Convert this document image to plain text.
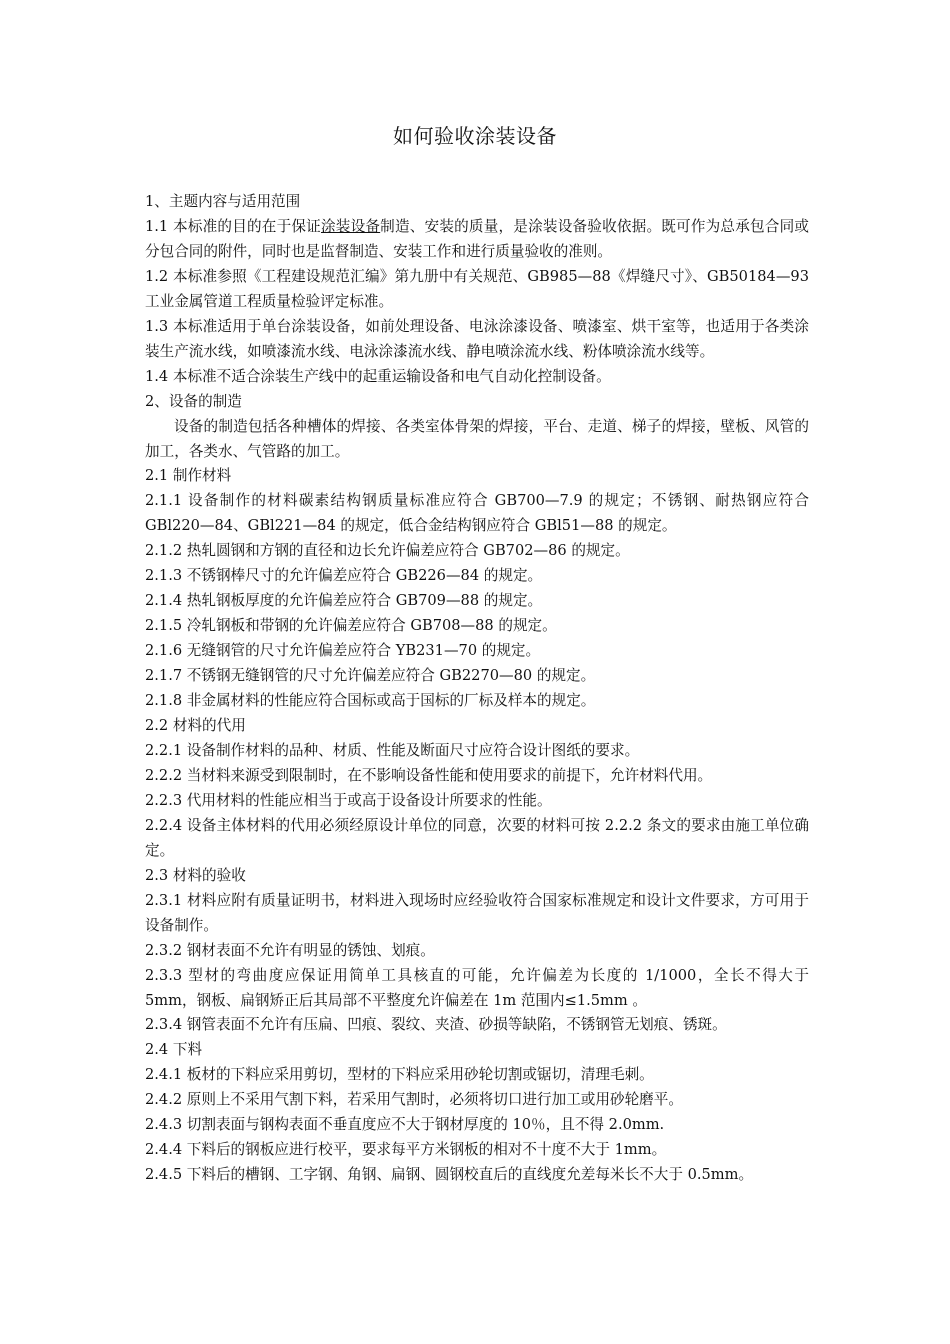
如何验收涂装设备

1、主题内容与适用范围

1.1 本标准的目的在于保证涂装设备制造、安装的质量，是涂装设备验收依据。既可作为总承包合同或分包合同的附件，同时也是监督制造、安装工作和进行质量验收的准则。

1.2 本标准参照《工程建设规范汇编》第九册中有关规范、GB985—88《焊缝尺寸》、GB50184—93 工业金属管道工程质量检验评定标准。

1.3 本标准适用于单台涂装设备，如前处理设备、电泳涂漆设备、喷漆室、烘干室等，也适用于各类涂装生产流水线，如喷漆流水线、电泳涂漆流水线、静电喷涂流水线、粉体喷涂流水线等。

1.4 本标准不适合涂装生产线中的起重运输设备和电气自动化控制设备。

2、设备的制造

设备的制造包括各种槽体的焊接、各类室体骨架的焊接，平台、走道、梯子的焊接，壁板、风管的加工，各类水、气管路的加工。

2.1 制作材料

2.1.1 设备制作的材料碳素结构钢质量标准应符合 GB700—7.9 的规定；不锈钢、耐热钢应符合 GBl220—84、GBl221—84 的规定，低合金结构钢应符合 GBl51—88 的规定。

2.1.2 热轧圆钢和方钢的直径和边长允许偏差应符合 GB702—86 的规定。

2.1.3 不锈钢棒尺寸的允许偏差应符合 GB226—84 的规定。

2.1.4 热轧钢板厚度的允许偏差应符合 GB709—88 的规定。

2.1.5 冷轧钢板和带钢的允许偏差应符合 GB708—88 的规定。

2.1.6 无缝钢管的尺寸允许偏差应符合 YB231—70 的规定。

2.1.7 不锈钢无缝钢管的尺寸允许偏差应符合 GB2270—80 的规定。

2.1.8 非金属材料的性能应符合国标或高于国标的厂标及样本的规定。

2.2 材料的代用

2.2.1 设备制作材料的品种、材质、性能及断面尺寸应符合设计图纸的要求。

2.2.2 当材料来源受到限制时，在不影响设备性能和使用要求的前提下，允许材料代用。

2.2.3 代用材料的性能应相当于或高于设备设计所要求的性能。

2.2.4 设备主体材料的代用必须经原设计单位的同意，次要的材料可按 2.2.2 条文的要求由施工单位确定。

2.3 材料的验收

2.3.1 材料应附有质量证明书，材料进入现场时应经验收符合国家标准规定和设计文件要求，方可用于设备制作。

2.3.2 钢材表面不允许有明显的锈蚀、划痕。

2.3.3 型材的弯曲度应保证用简单工具核直的可能，允许偏差为长度的 1/1000，全长不得大于 5mm，钢板、扁钢矫正后其局部不平整度允许偏差在 1m 范围内≤1.5mm 。

2.3.4 钢管表面不允许有压扁、凹痕、裂纹、夹渣、砂损等缺陷，不锈钢管无划痕、锈斑。

2.4 下料

2.4.1 板材的下料应采用剪切，型材的下料应采用砂轮切割或锯切，清理毛刺。

2.4.2 原则上不采用气割下料，若采用气割时，必须将切口进行加工或用砂轮磨平。

2.4.3 切割表面与钢构表面不垂直度应不大于钢材厚度的 10％，且不得 2.0mm.

2.4.4 下料后的钢板应进行校平，要求每平方米钢板的相对不十度不大于 1mm。

2.4.5 下料后的槽钢、工字钢、角钢、扁钢、圆钢校直后的直线度允差每米长不大于 0.5mm。
